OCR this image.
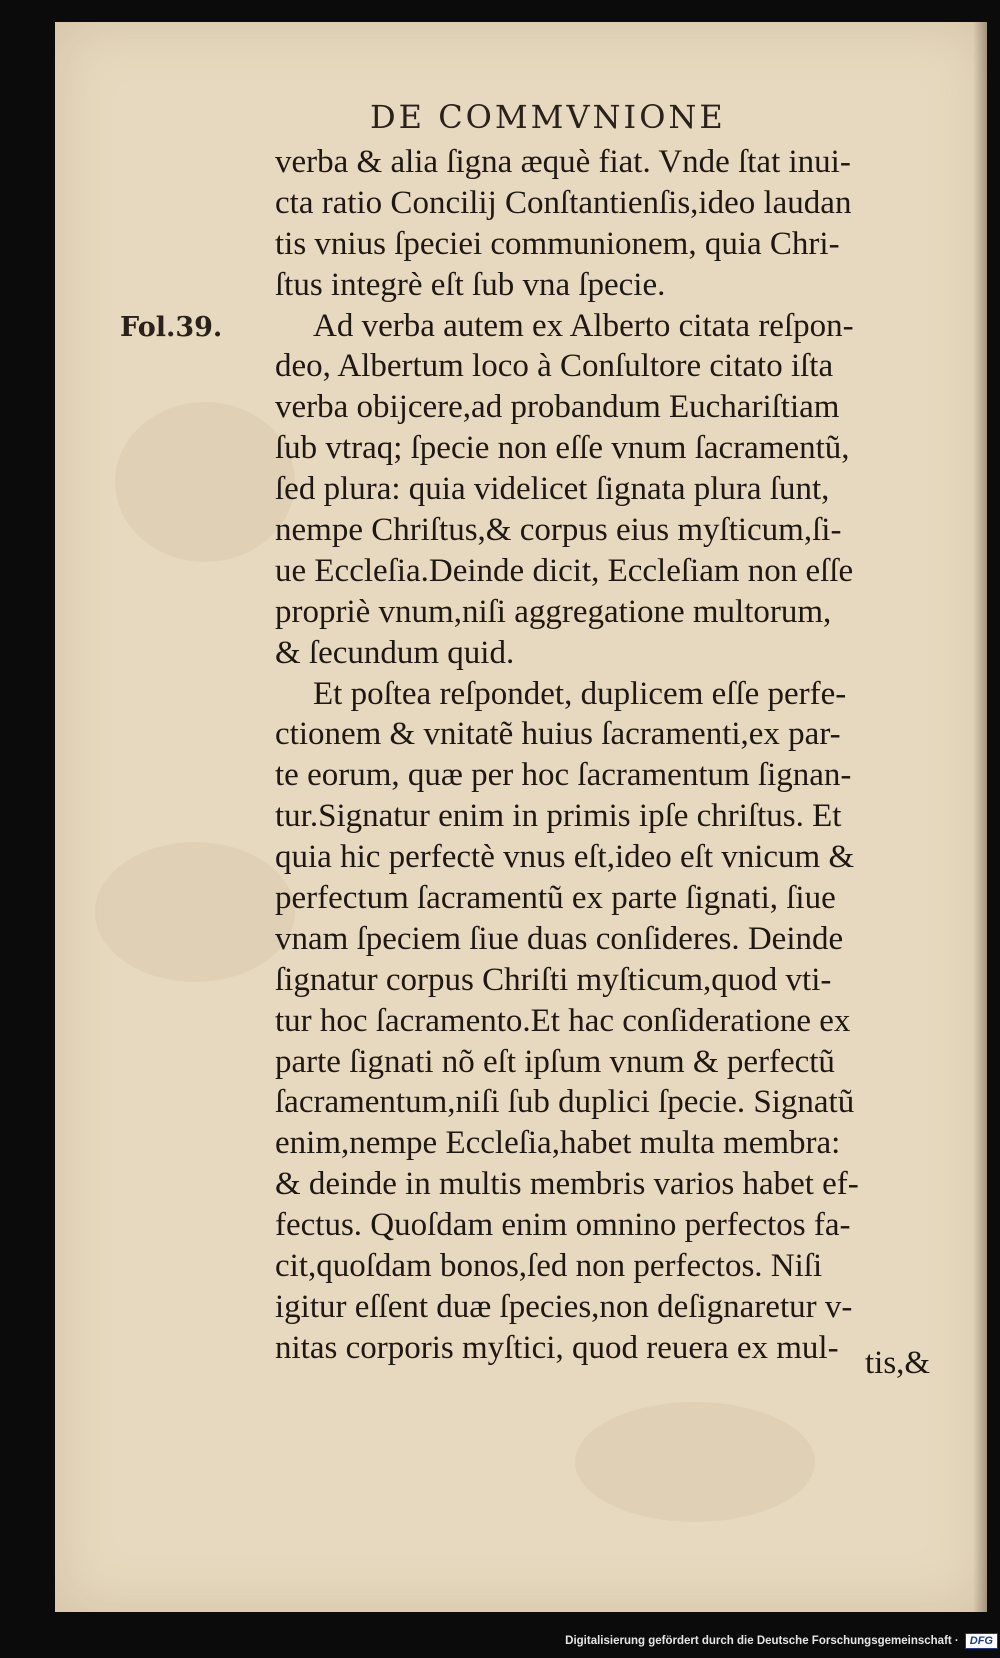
DE COMMVNIONE
Fol.39.
verba & alia ſigna æquè fiat. Vnde ſtat inui-
cta ratio Concilij Conſtantienſis,ideo laudan
tis vnius ſpeciei communionem, quia Chri-
ſtus integrè eſt ſub vna ſpecie.
Ad verba autem ex Alberto citata reſpon-
deo, Albertum loco à Conſultore citato iſta
verba obijcere,ad probandum Euchariſtiam
ſub vtraq; ſpecie non eſſe vnum ſacramentũ,
ſed plura: quia videlicet ſignata plura ſunt,
nempe Chriſtus,& corpus eius myſticum,ſi-
ue Eccleſia.Deinde dicit, Eccleſiam non eſſe
propriè vnum,niſi aggregatione multorum,
& ſecundum quid.
Et poſtea reſpondet, duplicem eſſe perfe-
ctionem & vnitatẽ huius ſacramenti,ex par-
te eorum, quæ per hoc ſacramentum ſignan-
tur.Signatur enim in primis ipſe chriſtus. Et
quia hic perfectè vnus eſt,ideo eſt vnicum &
perfectum ſacramentũ ex parte ſignati, ſiue
vnam ſpeciem ſiue duas conſideres. Deinde
ſignatur corpus Chriſti myſticum,quod vti-
tur hoc ſacramento.Et hac conſideratione ex
parte ſignati nõ eſt ipſum vnum & perfectũ
ſacramentum,niſi ſub duplici ſpecie. Signatũ
enim,nempe Eccleſia,habet multa membra:
& deinde in multis membris varios habet ef-
fectus. Quoſdam enim omnino perfectos fa-
cit,quoſdam bonos,ſed non perfectos. Niſi
igitur eſſent duæ ſpecies,non deſignaretur v-
nitas corporis myſtici, quod reuera ex mul- tis,&
Digitalisierung gefördert durch die Deutsche Forschungsgemeinschaft ·	DFG
